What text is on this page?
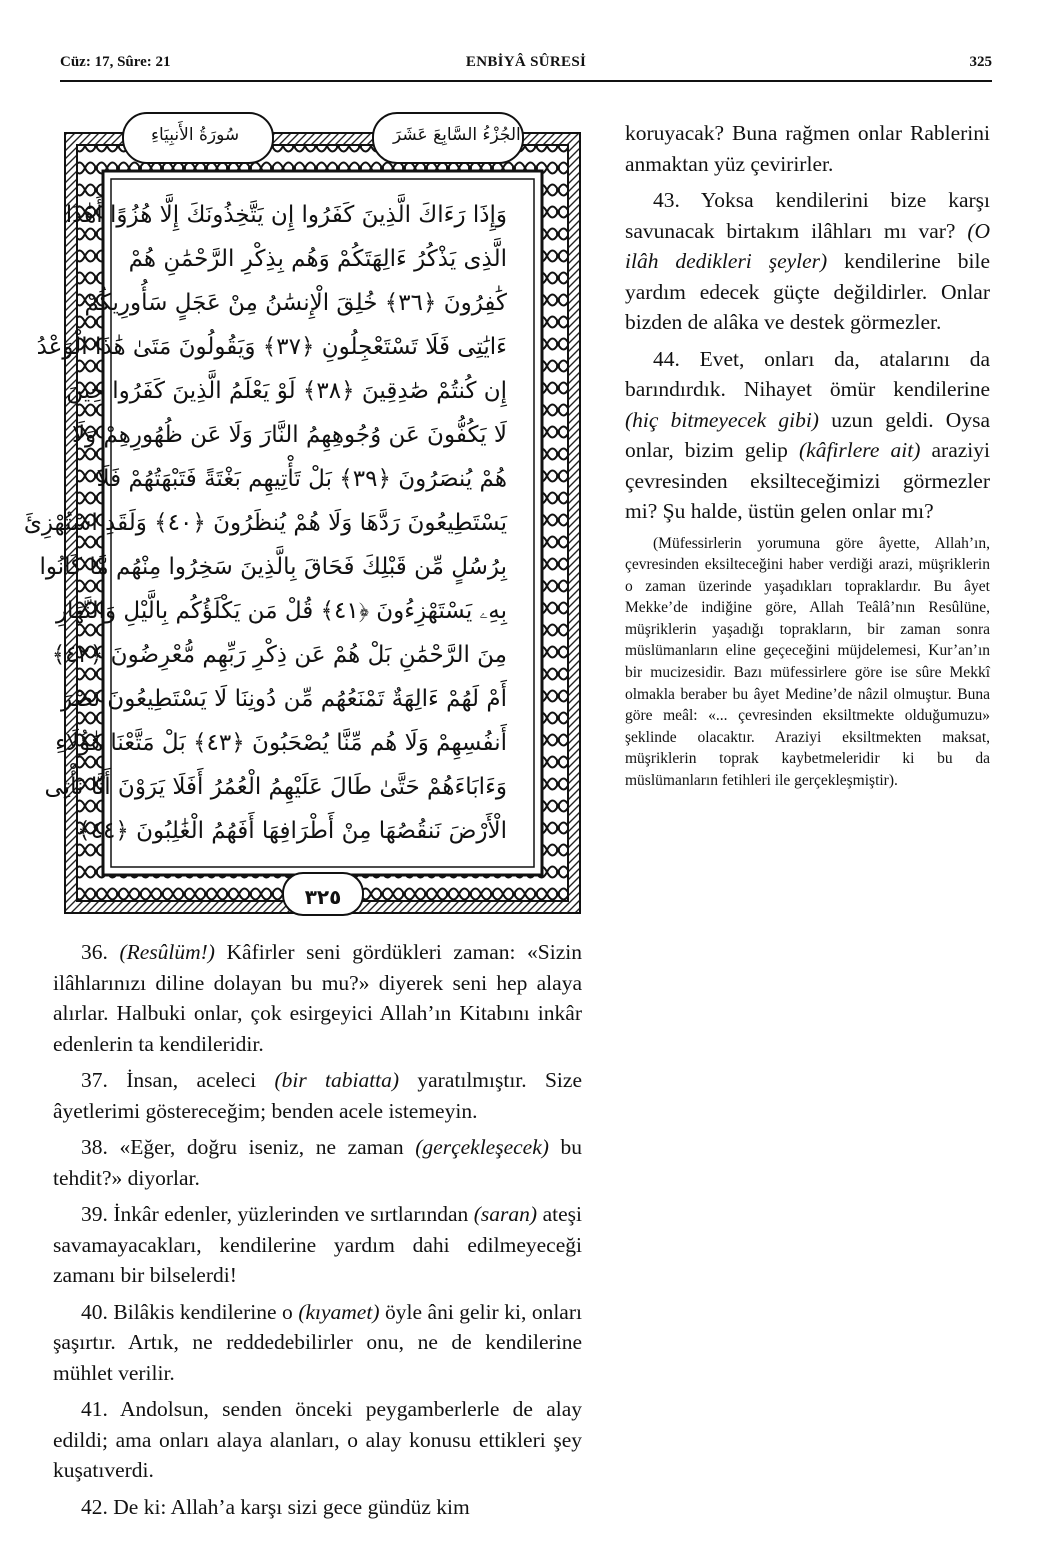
Cüz: 17, Sûre: 21	ENBİYÂ SÛRESİ	325
سُورَةُ الأَنبِيَاءِ	الجُزْءُ السَّابِعَ عَشَرَ
وَإِذَا رَءَاكَ الَّذِينَ كَفَرُوا إِن يَتَّخِذُونَكَ إِلَّا هُزُوًا أَهَٰذَا
الَّذِى يَذْكُرُ ءَالِهَتَكُمْ وَهُم بِذِكْرِ الرَّحْمَٰنِ هُمْ
كَٰفِرُونَ ﴿٣٦﴾ خُلِقَ الْإِنسَٰنُ مِنْ عَجَلٍ سَأُورِيكُمْ
ءَايَٰتِى فَلَا تَسْتَعْجِلُونِ ﴿٣٧﴾ وَيَقُولُونَ مَتَىٰ هَٰذَا الْوَعْدُ
إِن كُنتُمْ صَٰدِقِينَ ﴿٣٨﴾ لَوْ يَعْلَمُ الَّذِينَ كَفَرُوا حِينَ
لَا يَكُفُّونَ عَن وُجُوهِهِمُ النَّارَ وَلَا عَن ظُهُورِهِمْ وَلَا
هُمْ يُنصَرُونَ ﴿٣٩﴾ بَلْ تَأْتِيهِم بَغْتَةً فَتَبْهَتُهُمْ فَلَا
يَسْتَطِيعُونَ رَدَّهَا وَلَا هُمْ يُنظَرُونَ ﴿٤٠﴾ وَلَقَدِ اسْتُهْزِئَ
بِرُسُلٍ مِّن قَبْلِكَ فَحَاقَ بِالَّذِينَ سَخِرُوا مِنْهُم مَّا كَانُوا
بِهِۦ يَسْتَهْزِءُونَ ﴿٤١﴾ قُلْ مَن يَكْلَؤُكُم بِالَّيْلِ وَالنَّهَارِ
مِنَ الرَّحْمَٰنِ بَلْ هُمْ عَن ذِكْرِ رَبِّهِم مُّعْرِضُونَ ﴿٤٢﴾
أَمْ لَهُمْ ءَالِهَةٌ تَمْنَعُهُم مِّن دُونِنَا لَا يَسْتَطِيعُونَ نَصْرَ
أَنفُسِهِمْ وَلَا هُم مِّنَّا يُصْحَبُونَ ﴿٤٣﴾ بَلْ مَتَّعْنَا هَٰؤُلَاءِ
وَءَابَاءَهُمْ حَتَّىٰ طَالَ عَلَيْهِمُ الْعُمُرُ أَفَلَا يَرَوْنَ أَنَّا نَأْتِى
الْأَرْضَ نَنقُصُهَا مِنْ أَطْرَافِهَا أَفَهُمُ الْغَٰلِبُونَ ﴿٤٤﴾
٣٢٥

36. (Resûlüm!) Kâfirler seni gördükleri zaman: «Sizin ilâhlarınızı diline dolayan bu mu?» diyerek seni hep alaya alırlar. Halbuki onlar, çok esirgeyici Allah’ın Kitabını inkâr edenlerin ta kendileridir.

37. İnsan, aceleci (bir tabiatta) yaratılmıştır. Size âyetlerimi göstereceğim; benden acele istemeyin.

38. «Eğer, doğru iseniz, ne zaman (gerçekleşecek) bu tehdit?» diyorlar.

39. İnkâr edenler, yüzlerinden ve sırtlarından (saran) ateşi savamayacakları, kendilerine yardım dahi edilmeyeceği zamanı bir bilselerdi!

40. Bilâkis kendilerine o (kıyamet) öyle âni gelir ki, onları şaşırtır. Artık, ne reddedebilirler onu, ne de kendilerine mühlet verilir.

41. Andolsun, senden önceki peygamberlerle de alay edildi; ama onları alaya alanları, o alay konusu ettikleri şey kuşatıverdi.

42. De ki: Allah’a karşı sizi gece gündüz kim

koruyacak? Buna rağmen onlar Rablerini anmaktan yüz çevirirler.

43. Yoksa kendilerini bize karşı savunacak birtakım ilâhları mı var? (O ilâh dedikleri şeyler) kendilerine bile yardım edecek güçte değildirler. Onlar bizden de alâka ve destek görmezler.

44. Evet, onları da, atalarını da barındırdık. Nihayet ömür kendilerine (hiç bitmeyecek gibi) uzun geldi. Oysa onlar, bizim gelip (kâfirlere ait) araziyi çevresinden eksilteceğimizi görmezler mi? Şu halde, üstün gelen onlar mı?

(Müfessirlerin yorumuna göre âyette, Allah’ın, çevresinden eksilteceğini haber verdiği arazi, müşriklerin o zaman üzerinde yaşadıkları topraklardır. Bu âyet Mekke’de indiğine göre, Allah Teâlâ’nın Resûlüne, müşriklerin yaşadığı toprakların, bir zaman sonra müslümanların eline geçeceğini müjdelemesi, Kur’an’ın bir mucizesidir. Bazı müfessirlere göre ise sûre Mekkî olmakla beraber bu âyet Medine’de nâzil olmuştur. Buna göre meâl: «... çevresinden eksiltmekte olduğumuzu» şeklinde olacaktır. Araziyi eksiltmekten maksat, müşriklerin toprak kaybetmeleridir ki bu da müslümanların fetihleri ile gerçekleşmiştir).
